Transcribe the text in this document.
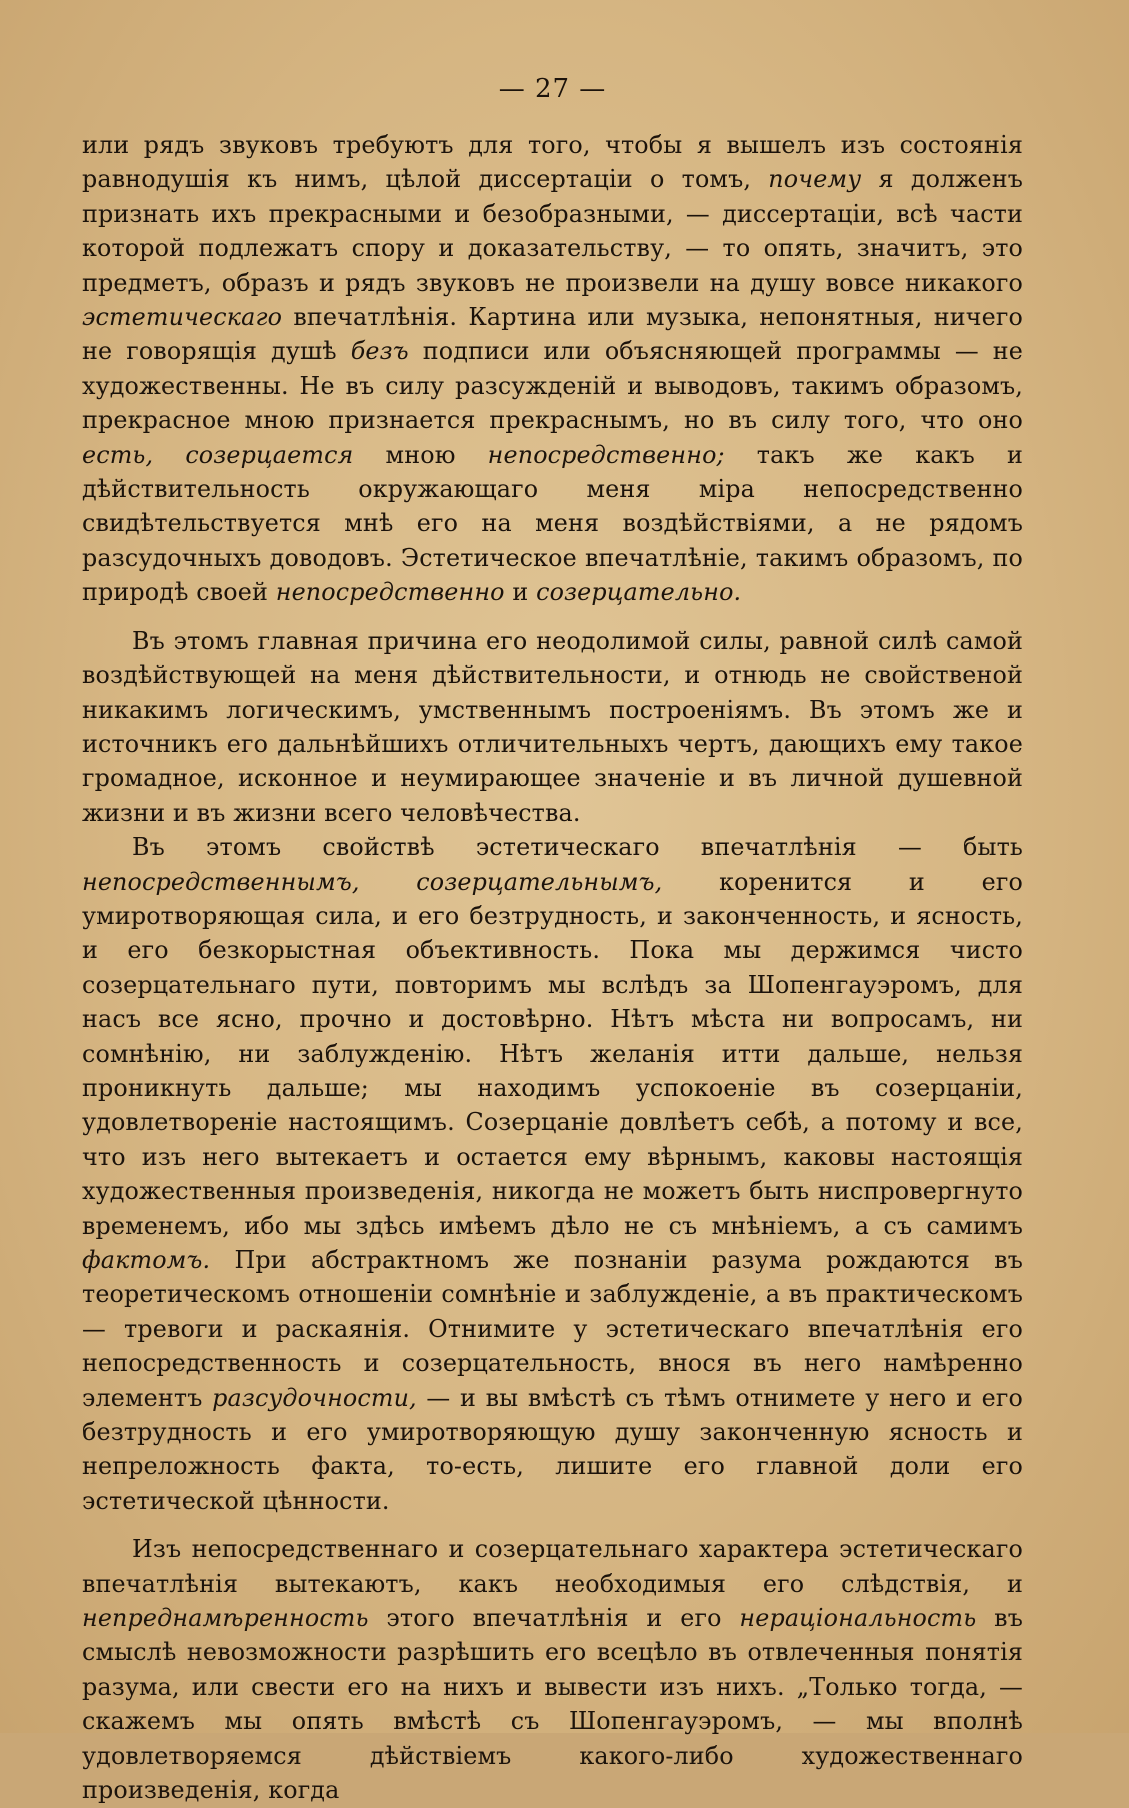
— 27 —

или рядъ звуковъ требуютъ для того, чтобы я вышелъ изъ состоянія равнодушія къ нимъ, цѣлой диссертаціи о томъ, почему я долженъ признать ихъ прекрасными и безобразными, — диссертаціи, всѣ части которой подлежатъ спору и доказательству, — то опять, значитъ, это предметъ, образъ и рядъ звуковъ не произвели на душу вовсе никакого эстетическаго впечатлѣнія. Картина или музыка, непонятныя, ничего не говорящія душѣ безъ подписи или объясняющей программы — не художественны. Не въ силу разсужденій и выводовъ, такимъ образомъ, прекрасное мною признается прекраснымъ, но въ силу того, что оно есть, созерцается мною непосредственно; такъ же какъ и дѣйствительность окружающаго меня міра непосредственно свидѣтельствуется мнѣ его на меня воздѣйствіями, а не рядомъ разсудочныхъ доводовъ. Эстетическое впечатлѣніе, такимъ образомъ, по природѣ своей непосредственно и созерцательно.

Въ этомъ главная причина его неодолимой силы, равной силѣ самой воздѣйствующей на меня дѣйствительности, и отнюдь не свойственой никакимъ логическимъ, умственнымъ построеніямъ. Въ этомъ же и источникъ его дальнѣйшихъ отличительныхъ чертъ, дающихъ ему такое громадное, исконное и неумирающее значеніе и въ личной душевной жизни и въ жизни всего человѣчества.

Въ этомъ свойствѣ эстетическаго впечатлѣнія — быть непосредственнымъ, созерцательнымъ, коренится и его умиротворяющая сила, и его безтрудность, и законченность, и ясность, и его безкорыстная объективность. Пока мы держимся чисто созерцательнаго пути, повторимъ мы вслѣдъ за Шопенгауэромъ, для насъ все ясно, прочно и достовѣрно. Нѣтъ мѣста ни вопросамъ, ни сомнѣнію, ни заблужденію. Нѣтъ желанія итти дальше, нельзя проникнуть дальше; мы находимъ успокоеніе въ созерцаніи, удовлетвореніе настоящимъ. Созерцаніе довлѣетъ себѣ, а потому и все, что изъ него вытекаетъ и остается ему вѣрнымъ, каковы настоящія художественныя произведенія, никогда не можетъ быть ниспровергнуто временемъ, ибо мы здѣсь имѣемъ дѣло не съ мнѣніемъ, а съ самимъ фактомъ. При абстрактномъ же познаніи разума рождаются въ теоретическомъ отношеніи сомнѣніе и заблужденіе, а въ практическомъ — тревоги и раскаянія. Отнимите у эстетическаго впечатлѣнія его непосредственность и созерцательность, внося въ него намѣренно элементъ разсудочности, — и вы вмѣстѣ съ тѣмъ отнимете у него и его безтрудность и его умиротворяющую душу законченную ясность и непреложность факта, то-есть, лишите его главной доли его эстетической цѣнности.

Изъ непосредственнаго и созерцательнаго характера эстетическаго впечатлѣнія вытекаютъ, какъ необходимыя его слѣдствія, и непреднамѣренность этого впечатлѣнія и его нераціональность въ смыслѣ невозможности разрѣшить его всецѣло въ отвлеченныя понятія разума, или свести его на нихъ и вывести изъ нихъ. „Только тогда, — скажемъ мы опять вмѣстѣ съ Шопенгауэромъ, — мы вполнѣ удовлетворяемся дѣйствіемъ какого-либо художественнаго произведенія, когда
